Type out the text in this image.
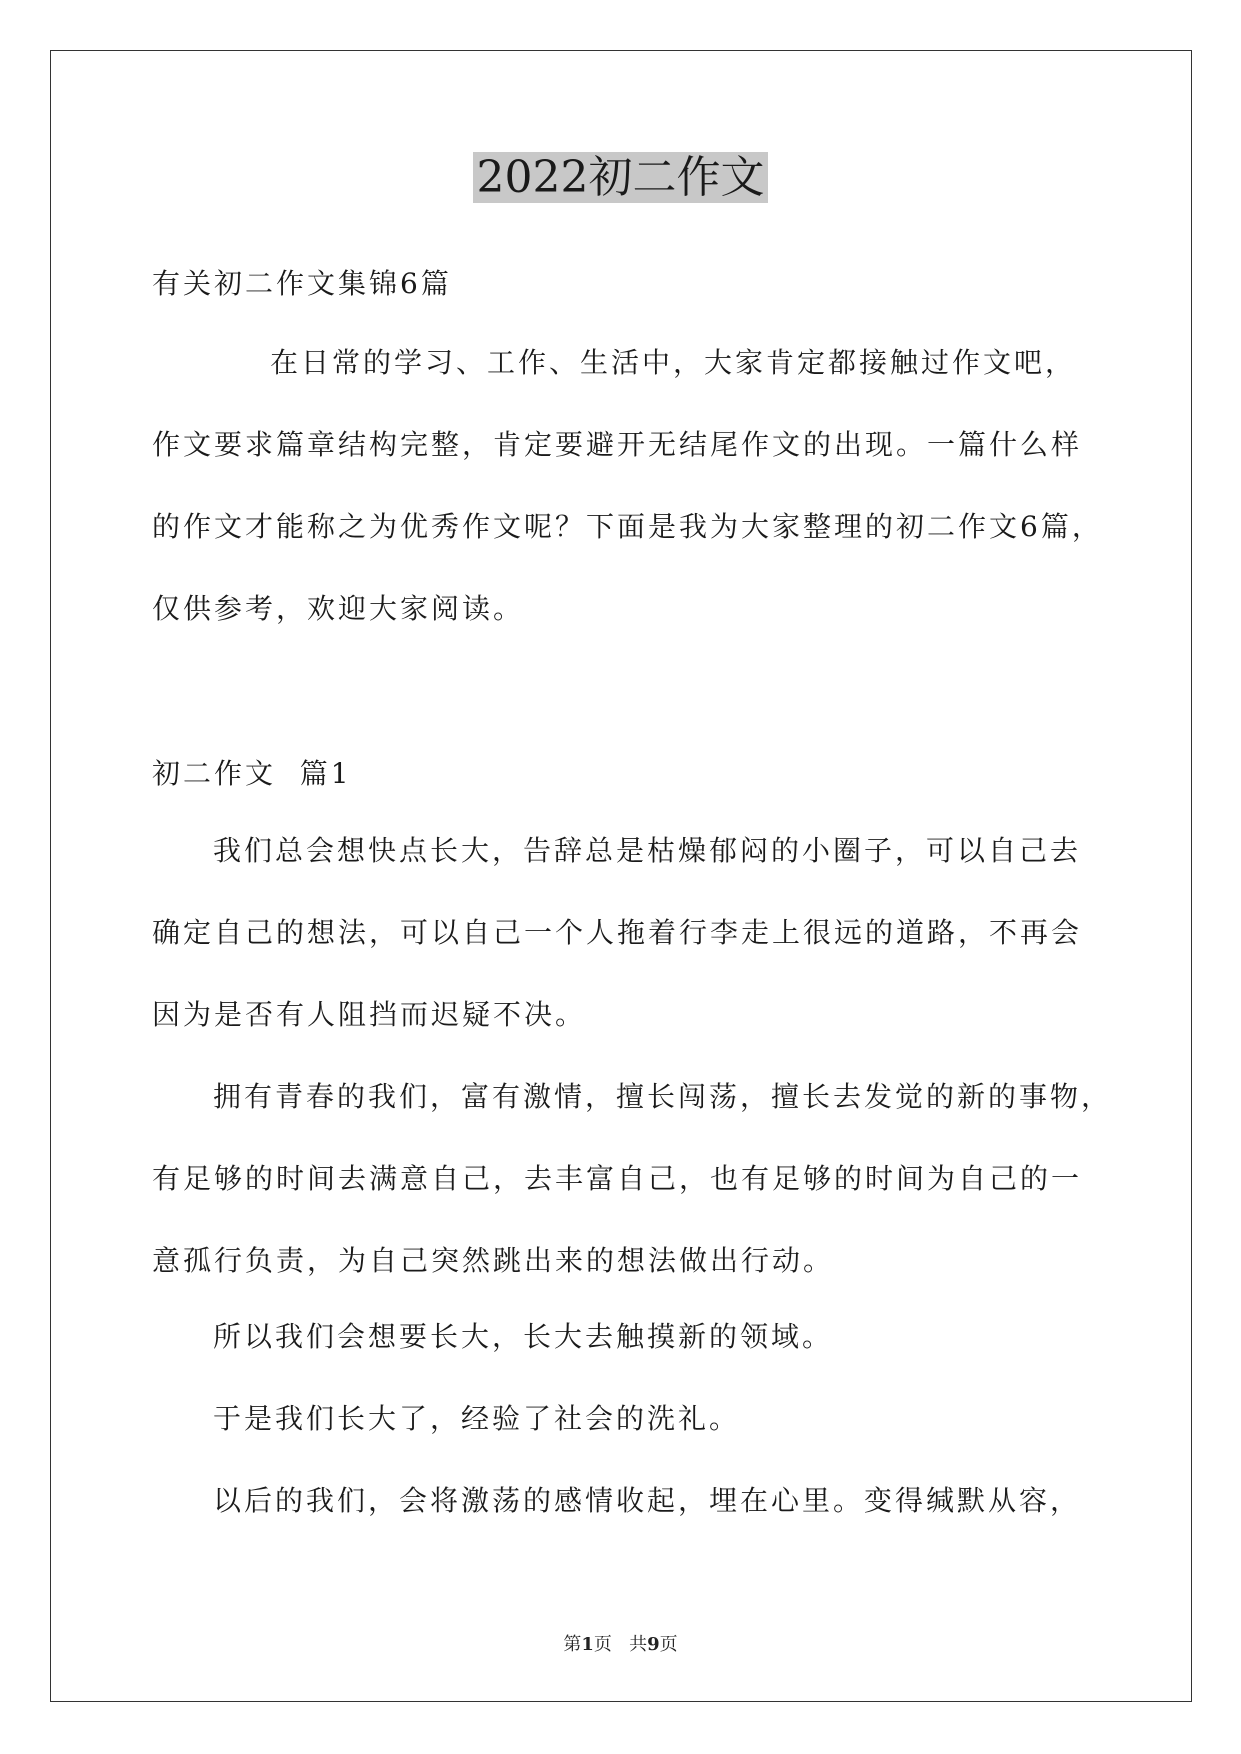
2022初二作文
有关初二作文集锦6篇
在日常的学习、工作、生活中，大家肯定都接触过作文吧，
作文要求篇章结构完整，肯定要避开无结尾作文的出现。一篇什么样
的作文才能称之为优秀作文呢？下面是我为大家整理的初二作文6篇，
仅供参考，欢迎大家阅读。
初二作文  篇1
我们总会想快点长大，告辞总是枯燥郁闷的小圈子，可以自己去
确定自己的想法，可以自己一个人拖着行李走上很远的道路，不再会
因为是否有人阻挡而迟疑不决。
拥有青春的我们，富有激情，擅长闯荡，擅长去发觉的新的事物，
有足够的时间去满意自己，去丰富自己，也有足够的时间为自己的一
意孤行负责，为自己突然跳出来的想法做出行动。
所以我们会想要长大，长大去触摸新的领域。
于是我们长大了，经验了社会的洗礼。
以后的我们，会将激荡的感情收起，埋在心里。变得缄默从容，
第1页   共9页
